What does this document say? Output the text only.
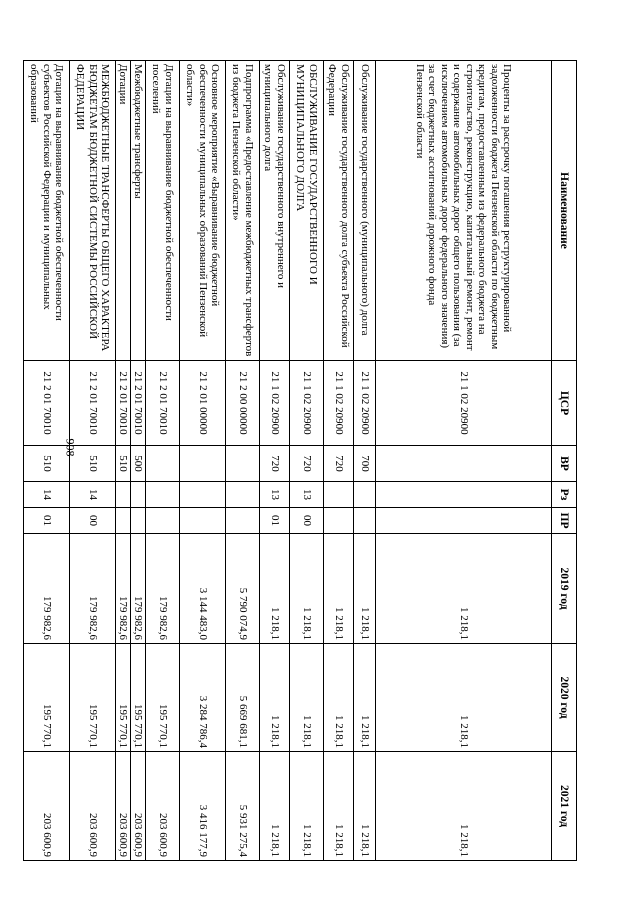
908
Наименование	ЦСР	ВР	Рз	ПР	2019 год	2020 год	2021 год
Проценты за рассрочку погашения реструктурированной задолженности бюджета Пензенской области по бюджетным кредитам, предоставленным из федерального бюджета на строительство, реконструкцию, капитальный ремонт, ремонт и содержание автомобильных дорог общего пользования (за исключением автомобильных дорог федерального значения) за счет бюджетных ассигнований дорожного фонда Пензенской области	21 1 02 20900				1 218,1	1 218,1	1 218,1
Обслуживание государственного (муниципального) долга	21 1 02 20900	700			1 218,1	1 218,1	1 218,1
Обслуживание государственного долга субъекта Российской Федерации	21 1 02 20900	720			1 218,1	1 218,1	1 218,1
ОБСЛУЖИВАНИЕ ГОСУДАРСТВЕННОГО И МУНИЦИПАЛЬНОГО ДОЛГА	21 1 02 20900	720	13	00	1 218,1	1 218,1	1 218,1
Обслуживание государственного внутреннего и муниципального долга	21 1 02 20900	720	13	01	1 218,1	1 218,1	1 218,1
Подпрограмма «Предоставление межбюджетных трансфертов из бюджета Пензенской области»	21 2 00 00000				5 790 074,9	5 669 681,1	5 931 275,4
Основное мероприятие «Выравнивание бюджетной обеспеченности муниципальных образований Пензенской области»	21 2 01 00000				3 144 483,0	3 284 786,4	3 416 177,9
Дотации на выравнивание бюджетной обеспеченности поселений	21 2 01 70010				179 982,6	195 770,1	203 600,9
Межбюджетные трансферты	21 2 01 70010	500			179 982,6	195 770,1	203 600,9
Дотации	21 2 01 70010	510			179 982,6	195 770,1	203 600,9
МЕЖБЮДЖЕТНЫЕ ТРАНСФЕРТЫ ОБЩЕГО ХАРАКТЕРА БЮДЖЕТАМ БЮДЖЕТНОЙ СИСТЕМЫ РОССИЙСКОЙ ФЕДЕРАЦИИ	21 2 01 70010	510	14	00	179 982,6	195 770,1	203 600,9
Дотации на выравнивание бюджетной обеспеченности субъектов Российской Федерации и муниципальных образований	21 2 01 70010	510	14	01	179 982,6	195 770,1	203 600,9
